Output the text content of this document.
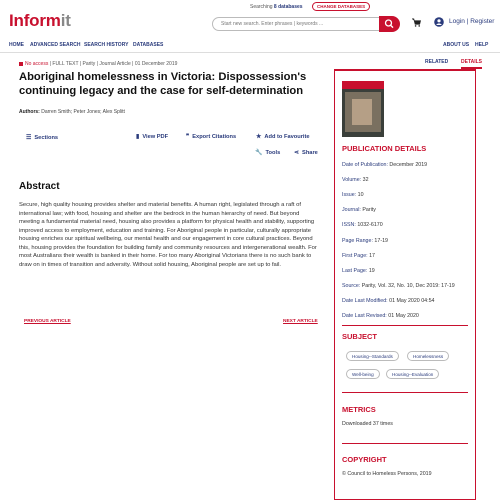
Informit
Searching 8 databases	CHANGE DATABASES
Start new search. Enter phrases | keywords ...	Login | Register
HOME ADVANCED SEARCH SEARCH HISTORY DATABASES	ABOUT US HELP
No access | FULL TEXT | Parity | Journal Article | 01 December 2019
Aboriginal homelessness in Victoria: Dispossession's continuing legacy and the case for self-determination
Authors: Darren Smith; Peter Jones; Alex Splitt
☰ Sections	▮ View PDF	❞ Export Citations	★ Add to Favourite
🔧 Tools ⋖ Share
Abstract
Secure, high quality housing provides shelter and material benefits. A human right, legislated through a raft of international law; with food, housing and shelter are the bedrock in the human hierarchy of need. But beyond meeting a fundamental material need, housing also provides a platform for physical health and stability, supporting improved access to employment, education and training. For Aboriginal people in particular, culturally appropriate housing enriches our spiritual wellbeing, our mental health and our engagement in core cultural practices. Beyond this, housing provides the foundation for building family and community resources and intergenerational wealth. For most Australians their wealth is banked in their home. For too many Aboriginal Victorians there is no such bank to draw on in times of transition and adversity. Without solid housing, Aboriginal people are set up to fail.
PREVIOUS ARTICLE	NEXT ARTICLE
RELATED	DETAILS
PUBLICATION DETAILS
Date of Publication: December 2019
Volume: 32
Issue: 10
Journal: Parity
ISSN: 1032-6170
Page Range: 17-19
First Page: 17
Last Page: 19
Source: Parity, Vol. 32, No. 10, Dec 2019: 17-19
Date Last Modified: 01 May 2020 04:54
Date Last Revised: 01 May 2020
SUBJECT
Housing--Standards	Homelessness
Well-being	Housing--Evaluation
METRICS
Downloaded 37 times
COPYRIGHT
© Council to Homeless Persons, 2019
